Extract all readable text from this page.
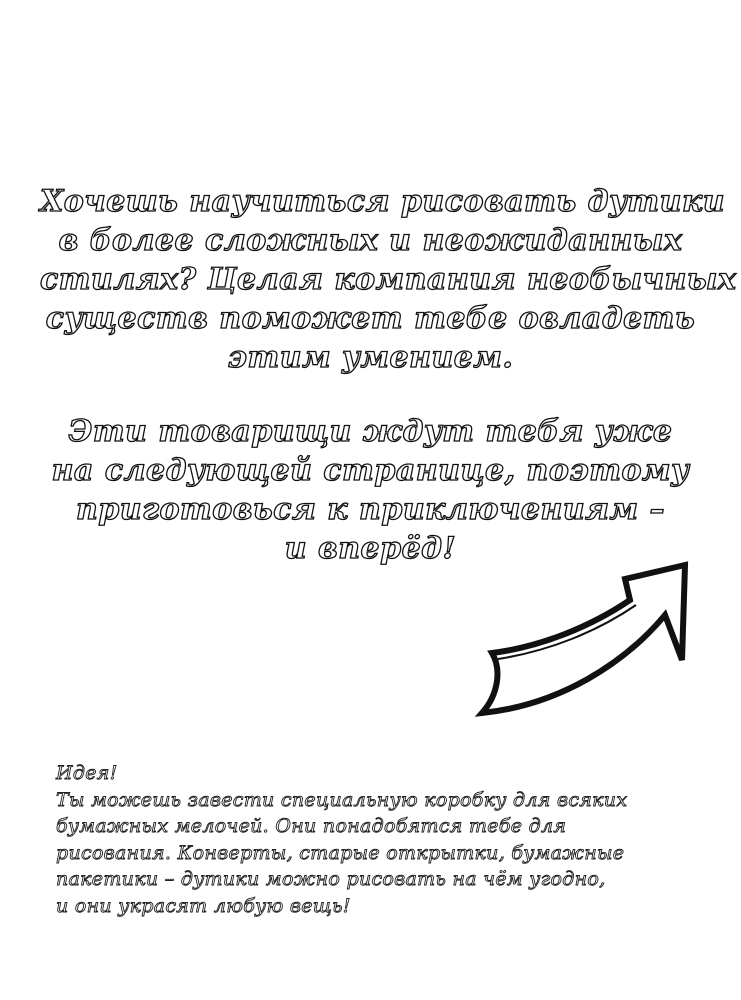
Хочешь научиться рисовать дутики
в более сложных и неожиданных
стилях? Целая компания необычных
существ поможет тебе овладеть
этим умением.
Эти товарищи ждут тебя уже
на следующей странице, поэтому
приготовься к приключениям –
и вперёд!
Идея!
Ты можешь завести специальную коробку для всяких
бумажных мелочей. Они понадобятся тебе для
рисования. Конверты, старые открытки, бумажные
пакетики – дутики можно рисовать на чём угодно,
и они украсят любую вещь!
